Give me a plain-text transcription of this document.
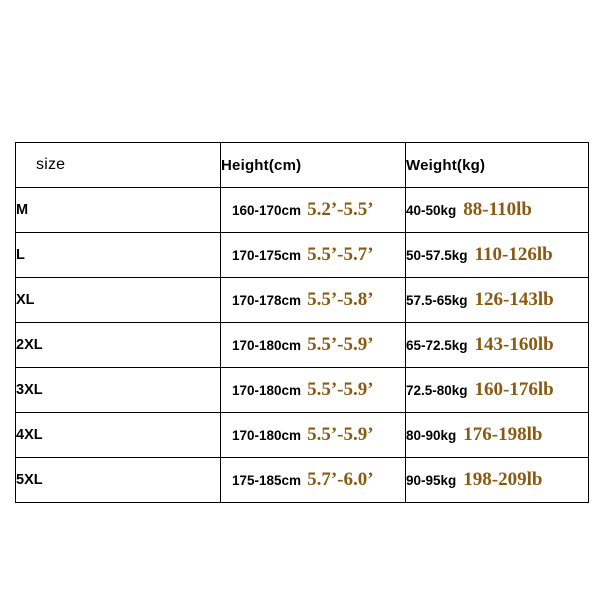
size	Height(cm)	Weight(kg)
M	160-170cm 5.2’-5.5’	40-50kg 88-110lb
L	170-175cm 5.5’-5.7’	50-57.5kg 110-126lb
XL	170-178cm 5.5’-5.8’	57.5-65kg 126-143lb
2XL	170-180cm 5.5’-5.9’	65-72.5kg 143-160lb
3XL	170-180cm 5.5’-5.9’	72.5-80kg 160-176lb
4XL	170-180cm 5.5’-5.9’	80-90kg 176-198lb
5XL	175-185cm 5.7’-6.0’	90-95kg 198-209lb
